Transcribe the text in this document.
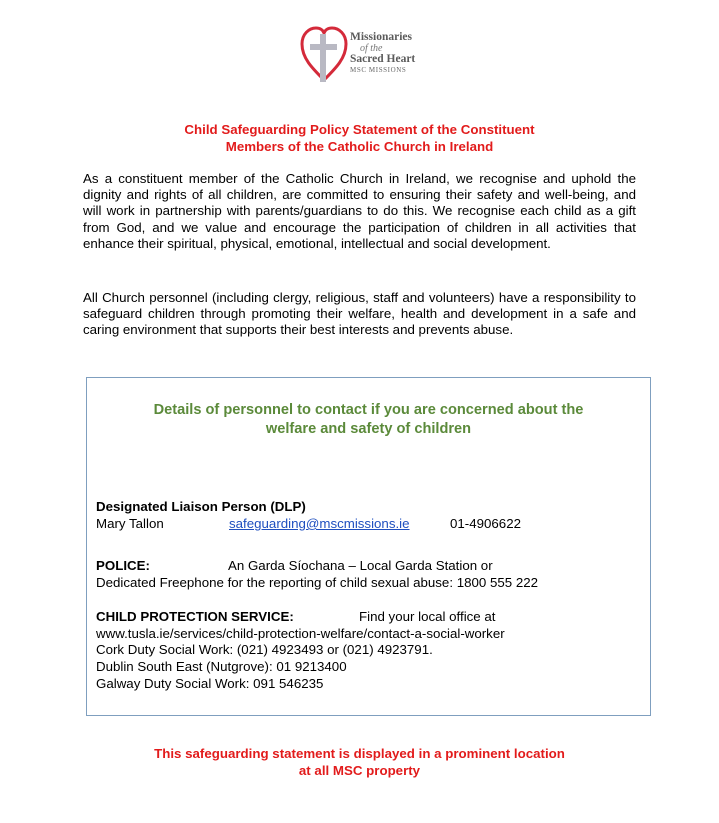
Missionaries
of the
Sacred Heart
MSC MISSIONS
Child Safeguarding Policy Statement of the Constituent
Members of the Catholic Church in Ireland
As a constituent member of the Catholic Church in Ireland, we recognise and uphold the dignity and rights of all children, are committed to ensuring their safety and well-being, and will work in partnership with parents/guardians to do this. We recognise each child as a gift from God, and we value and encourage the participation of children in all activities that enhance their spiritual, physical, emotional, intellectual and social development.
All Church personnel (including clergy, religious, staff and volunteers) have a responsibility to safeguard children through promoting their welfare, health and development in a safe and caring environment that supports their best interests and prevents abuse.
Details of personnel to contact if you are concerned about the
welfare and safety of children
Designated Liaison Person (DLP)
Mary Tallon	safeguarding@mscmissions.ie	01-4906622
POLICE:	An Garda Síochana – Local Garda Station or
Dedicated Freephone for the reporting of child sexual abuse: 1800 555 222
CHILD PROTECTION SERVICE:	Find your local office at
www.tusla.ie/services/child-protection-welfare/contact-a-social-worker
Cork Duty Social Work: (021) 4923493 or (021) 4923791.
Dublin South East (Nutgrove): 01 9213400
Galway Duty Social Work: 091 546235
This safeguarding statement is displayed in a prominent location
at all MSC property
